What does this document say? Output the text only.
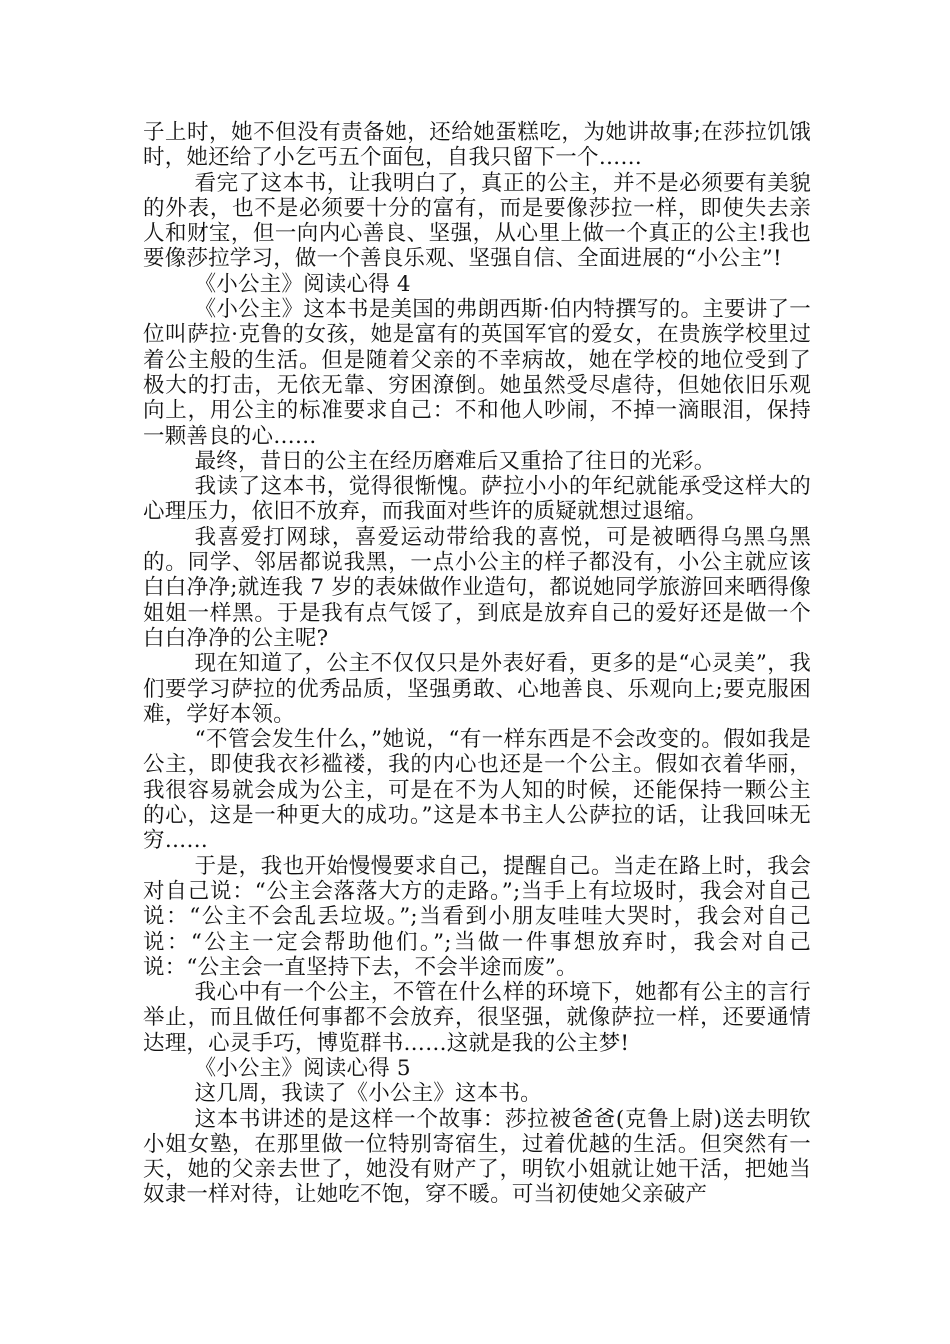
子上时，她不但没有责备她，还给她蛋糕吃，为她讲故事;在莎拉饥饿时，她还给了小乞丐五个面包，自我只留下一个……

看完了这本书，让我明白了，真正的公主，并不是必须要有美貌的外表，也不是必须要十分的富有，而是要像莎拉一样，即使失去亲人和财宝，但一向内心善良、坚强，从心里上做一个真正的公主!我也要像莎拉学习，做一个善良乐观、坚强自信、全面进展的“小公主”!

《小公主》阅读心得 4

《小公主》这本书是美国的弗朗西斯·伯内特撰写的。主要讲了一位叫萨拉·克鲁的女孩，她是富有的英国军官的爱女，在贵族学校里过着公主般的生活。但是随着父亲的不幸病故，她在学校的地位受到了极大的打击，无依无靠、穷困潦倒。她虽然受尽虐待，但她依旧乐观向上，用公主的标准要求自己：不和他人吵闹，不掉一滴眼泪，保持一颗善良的心……

最终，昔日的公主在经历磨难后又重拾了往日的光彩。

我读了这本书，觉得很惭愧。萨拉小小的年纪就能承受这样大的心理压力，依旧不放弃，而我面对些许的质疑就想过退缩。

我喜爱打网球，喜爱运动带给我的喜悦，可是被晒得乌黑乌黑的。同学、邻居都说我黑，一点小公主的样子都没有，小公主就应该白白净净;就连我 7 岁的表妹做作业造句，都说她同学旅游回来晒得像姐姐一样黑。于是我有点气馁了，到底是放弃自己的爱好还是做一个白白净净的公主呢?

现在知道了，公主不仅仅只是外表好看，更多的是“心灵美”，我们要学习萨拉的优秀品质，坚强勇敢、心地善良、乐观向上;要克服困难，学好本领。

“不管会发生什么，”她说，“有一样东西是不会改变的。假如我是公主，即使我衣衫褴褛，我的内心也还是一个公主。假如衣着华丽，我很容易就会成为公主，可是在不为人知的时候，还能保持一颗公主的心，这是一种更大的成功。”这是本书主人公萨拉的话，让我回味无穷……

于是，我也开始慢慢要求自己，提醒自己。当走在路上时，我会对自己说：“公主会落落大方的走路。”;当手上有垃圾时，我会对自己说：“公主不会乱丢垃圾。”;当看到小朋友哇哇大哭时，我会对自己说：“公主一定会帮助他们。”;当做一件事想放弃时，我会对自己说：“公主会一直坚持下去，不会半途而废”。

我心中有一个公主，不管在什么样的环境下，她都有公主的言行举止，而且做任何事都不会放弃，很坚强，就像萨拉一样，还要通情达理，心灵手巧，博览群书……这就是我的公主梦!

《小公主》阅读心得 5

这几周，我读了《小公主》这本书。

这本书讲述的是这样一个故事：莎拉被爸爸(克鲁上尉)送去明钦小姐女塾，在那里做一位特别寄宿生，过着优越的生活。但突然有一天，她的父亲去世了，她没有财产了，明钦小姐就让她干活，把她当奴隶一样对待，让她吃不饱，穿不暖。可当初使她父亲破产
